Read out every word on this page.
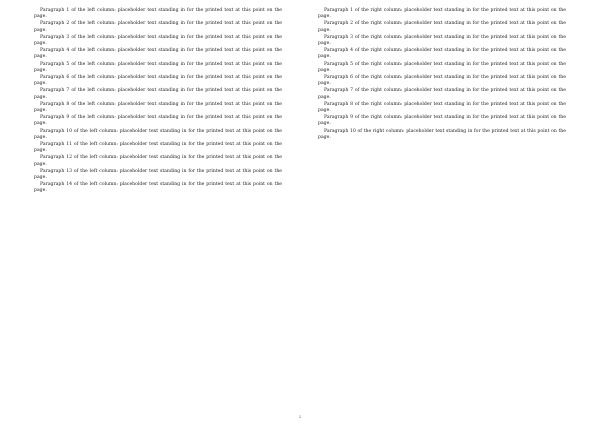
Paragraph 1 of the left column: placeholder text standing in for the printed text at this point on the page.

Paragraph 2 of the left column: placeholder text standing in for the printed text at this point on the page.

Paragraph 3 of the left column: placeholder text standing in for the printed text at this point on the page.

Paragraph 4 of the left column: placeholder text standing in for the printed text at this point on the page.

Paragraph 5 of the left column: placeholder text standing in for the printed text at this point on the page.

Paragraph 6 of the left column: placeholder text standing in for the printed text at this point on the page.

Paragraph 7 of the left column: placeholder text standing in for the printed text at this point on the page.

Paragraph 8 of the left column: placeholder text standing in for the printed text at this point on the page.

Paragraph 9 of the left column: placeholder text standing in for the printed text at this point on the page.

Paragraph 10 of the left column: placeholder text standing in for the printed text at this point on the page.

Paragraph 11 of the left column: placeholder text standing in for the printed text at this point on the page.

Paragraph 12 of the left column: placeholder text standing in for the printed text at this point on the page.

Paragraph 13 of the left column: placeholder text standing in for the printed text at this point on the page.

Paragraph 14 of the left column: placeholder text standing in for the printed text at this point on the page.

Paragraph 1 of the right column: placeholder text standing in for the printed text at this point on the page.

Paragraph 2 of the right column: placeholder text standing in for the printed text at this point on the page.

Paragraph 3 of the right column: placeholder text standing in for the printed text at this point on the page.

Paragraph 4 of the right column: placeholder text standing in for the printed text at this point on the page.

Paragraph 5 of the right column: placeholder text standing in for the printed text at this point on the page.

Paragraph 6 of the right column: placeholder text standing in for the printed text at this point on the page.

Paragraph 7 of the right column: placeholder text standing in for the printed text at this point on the page.

Paragraph 8 of the right column: placeholder text standing in for the printed text at this point on the page.

Paragraph 9 of the right column: placeholder text standing in for the printed text at this point on the page.

Paragraph 10 of the right column: placeholder text standing in for the printed text at this point on the page.

2
